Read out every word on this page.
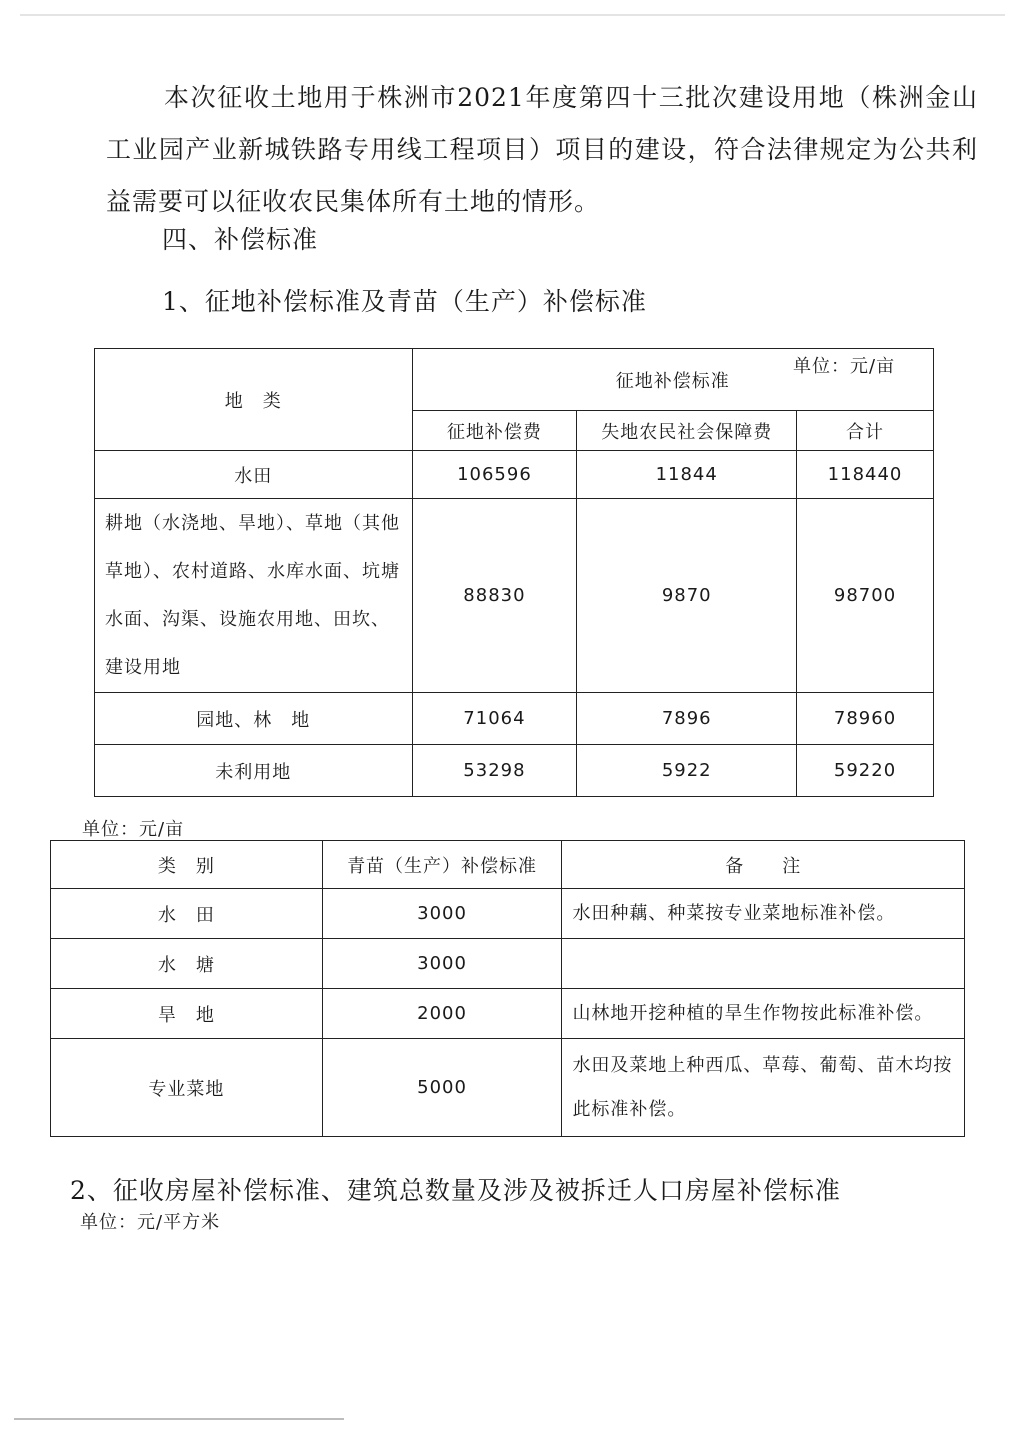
本次征收土地用于株洲市2021年度第四十三批次建设用地（株洲金山工业园产业新城铁路专用线工程项目）项目的建设，符合法律规定为公共利益需要可以征收农民集体所有土地的情形。
四、补偿标准
1、征地补偿标准及青苗（生产）补偿标准
单位：元/亩
地　类	征地补偿标准		
	征地补偿费	失地农民社会保障费	合计
水田	106596	11844	118440
耕地（水浇地、旱地）、草地（其他草地）、农村道路、水库水面、坑塘水面、沟渠、设施农用地、田坎、建设用地	88830	9870	98700
园地、林　地	71064	7896	78960
未利用地	53298	5922	59220
单位：元/亩
类　别	青苗（生产）补偿标准	备　　注
水　田	3000	水田种藕、种菜按专业菜地标准补偿。
水　塘	3000	
旱　地	2000	山林地开挖种植的旱生作物按此标准补偿。
专业菜地	5000	水田及菜地上种西瓜、草莓、葡萄、苗木均按此标准补偿。
2、征收房屋补偿标准、建筑总数量及涉及被拆迁人口房屋补偿标准
单位：元/平方米
